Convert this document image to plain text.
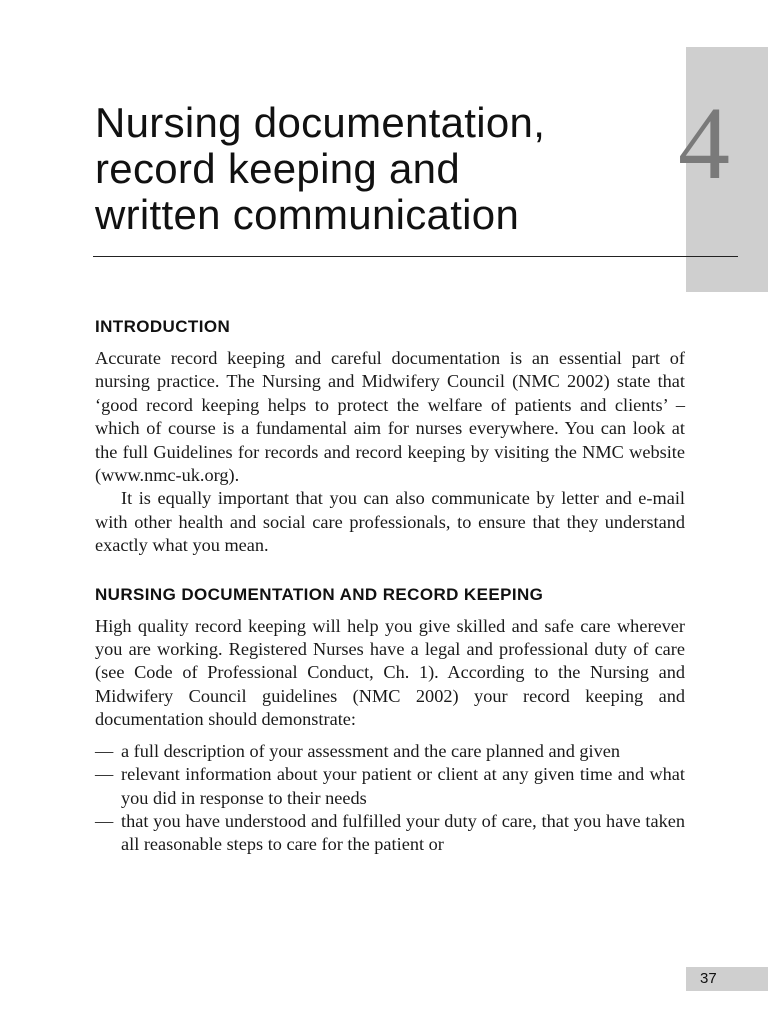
4
Nursing documentation,
record keeping and
written communication
INTRODUCTION

Accurate record keeping and careful documentation is an essential part of nursing practice. The Nursing and Midwifery Council (NMC 2002) state that ‘good record keeping helps to protect the welfare of patients and clients’ – which of course is a fundamental aim for nurses everywhere. You can look at the full Guidelines for records and record keeping by visiting the NMC website (www.nmc-uk.org).

It is equally important that you can also communicate by letter and e-mail with other health and social care professionals, to ensure that they understand exactly what you mean.

NURSING DOCUMENTATION AND RECORD KEEPING

High quality record keeping will help you give skilled and safe care wherever you are working. Registered Nurses have a legal and professional duty of care (see Code of Professional Conduct, Ch. 1). According to the Nursing and Midwifery Council guidelines (NMC 2002) your record keeping and documentation should demonstrate:

— a full description of your assessment and the care planned and given
— relevant information about your patient or client at any given time and what you did in response to their needs
— that you have understood and fulfilled your duty of care, that you have taken all reasonable steps to care for the patient or
37
